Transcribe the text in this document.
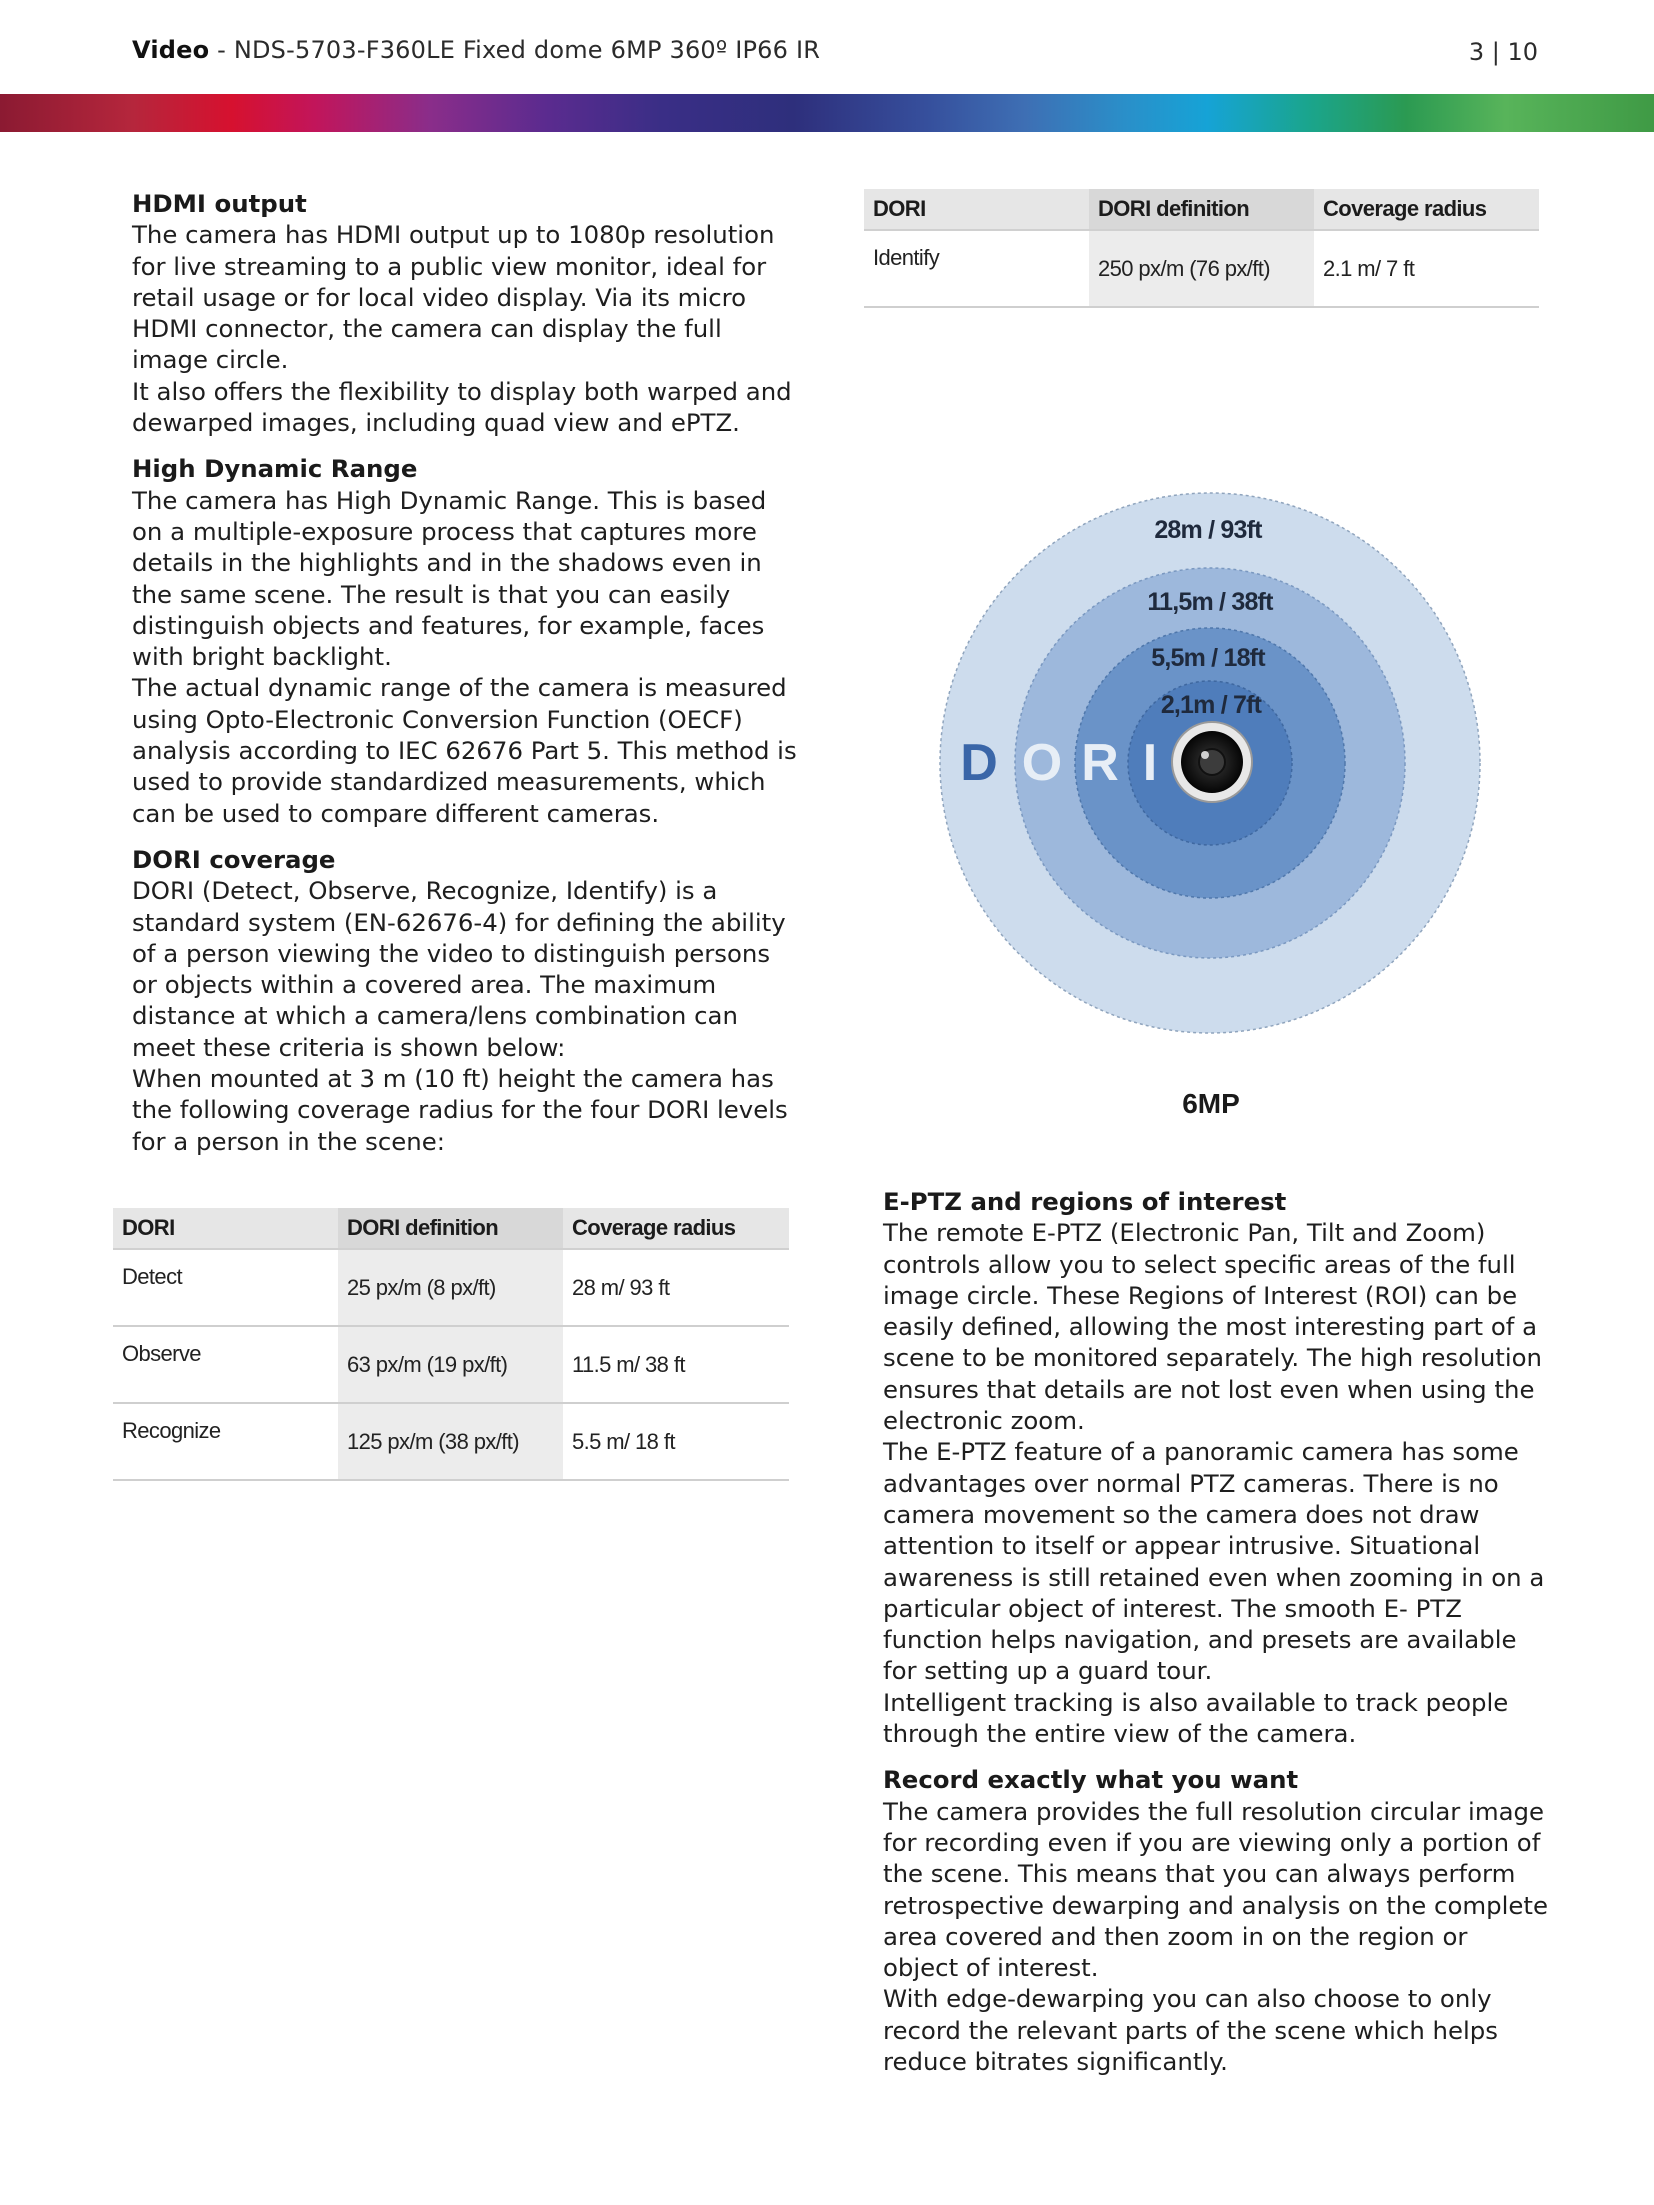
Video - NDS-5703-F360LE Fixed dome 6MP 360º IP66 IR	3 | 10
HDMI output

The camera has HDMI output up to 1080p resolution for live streaming to a public view monitor, ideal for retail usage or for local video display. Via its micro HDMI connector, the camera can display the full image circle.

It also offers the flexibility to display both warped and dewarped images, including quad view and ePTZ.

High Dynamic Range

The camera has High Dynamic Range. This is based on a multiple-exposure process that captures more details in the highlights and in the shadows even in the same scene. The result is that you can easily distinguish objects and features, for example, faces with bright backlight.

The actual dynamic range of the camera is measured using Opto-Electronic Conversion Function (OECF) analysis according to IEC 62676 Part 5. This method is used to provide standardized measurements, which can be used to compare different cameras.

DORI coverage

DORI (Detect, Observe, Recognize, Identify) is a standard system (EN-62676-4) for defining the ability of a person viewing the video to distinguish persons or objects within a covered area. The maximum distance at which a camera/lens combination can meet these criteria is shown below:

When mounted at 3 m (10 ft) height the camera has the following coverage radius for the four DORI levels for a person in the scene:

DORI	DORI definition	Coverage radius
Identify	250 px/m (76 px/ft)	2.1 m/ 7 ft
DORI	DORI definition	Coverage radius
Detect	25 px/m (8 px/ft)	28 m/ 93 ft
Observe	63 px/m (19 px/ft)	11.5 m/ 38 ft
Recognize	125 px/m (38 px/ft)	5.5 m/ 18 ft
28m / 93ft
11,5m / 38ft
5,5m / 18ft
2,1m / 7ft
D O R I
6MP
E-PTZ and regions of interest

The remote E-PTZ (Electronic Pan, Tilt and Zoom) controls allow you to select specific areas of the full image circle. These Regions of Interest (ROI) can be easily defined, allowing the most interesting part of a scene to be monitored separately. The high resolution ensures that details are not lost even when using the electronic zoom.

The E-PTZ feature of a panoramic camera has some advantages over normal PTZ cameras. There is no camera movement so the camera does not draw attention to itself or appear intrusive. Situational awareness is still retained even when zooming in on a particular object of interest. The smooth E- PTZ function helps navigation, and presets are available for setting up a guard tour.

Intelligent tracking is also available to track people through the entire view of the camera.

Record exactly what you want

The camera provides the full resolution circular image for recording even if you are viewing only a portion of the scene. This means that you can always perform retrospective dewarping and analysis on the complete area covered and then zoom in on the region or object of interest.

With edge-dewarping you can also choose to only record the relevant parts of the scene which helps reduce bitrates significantly.
